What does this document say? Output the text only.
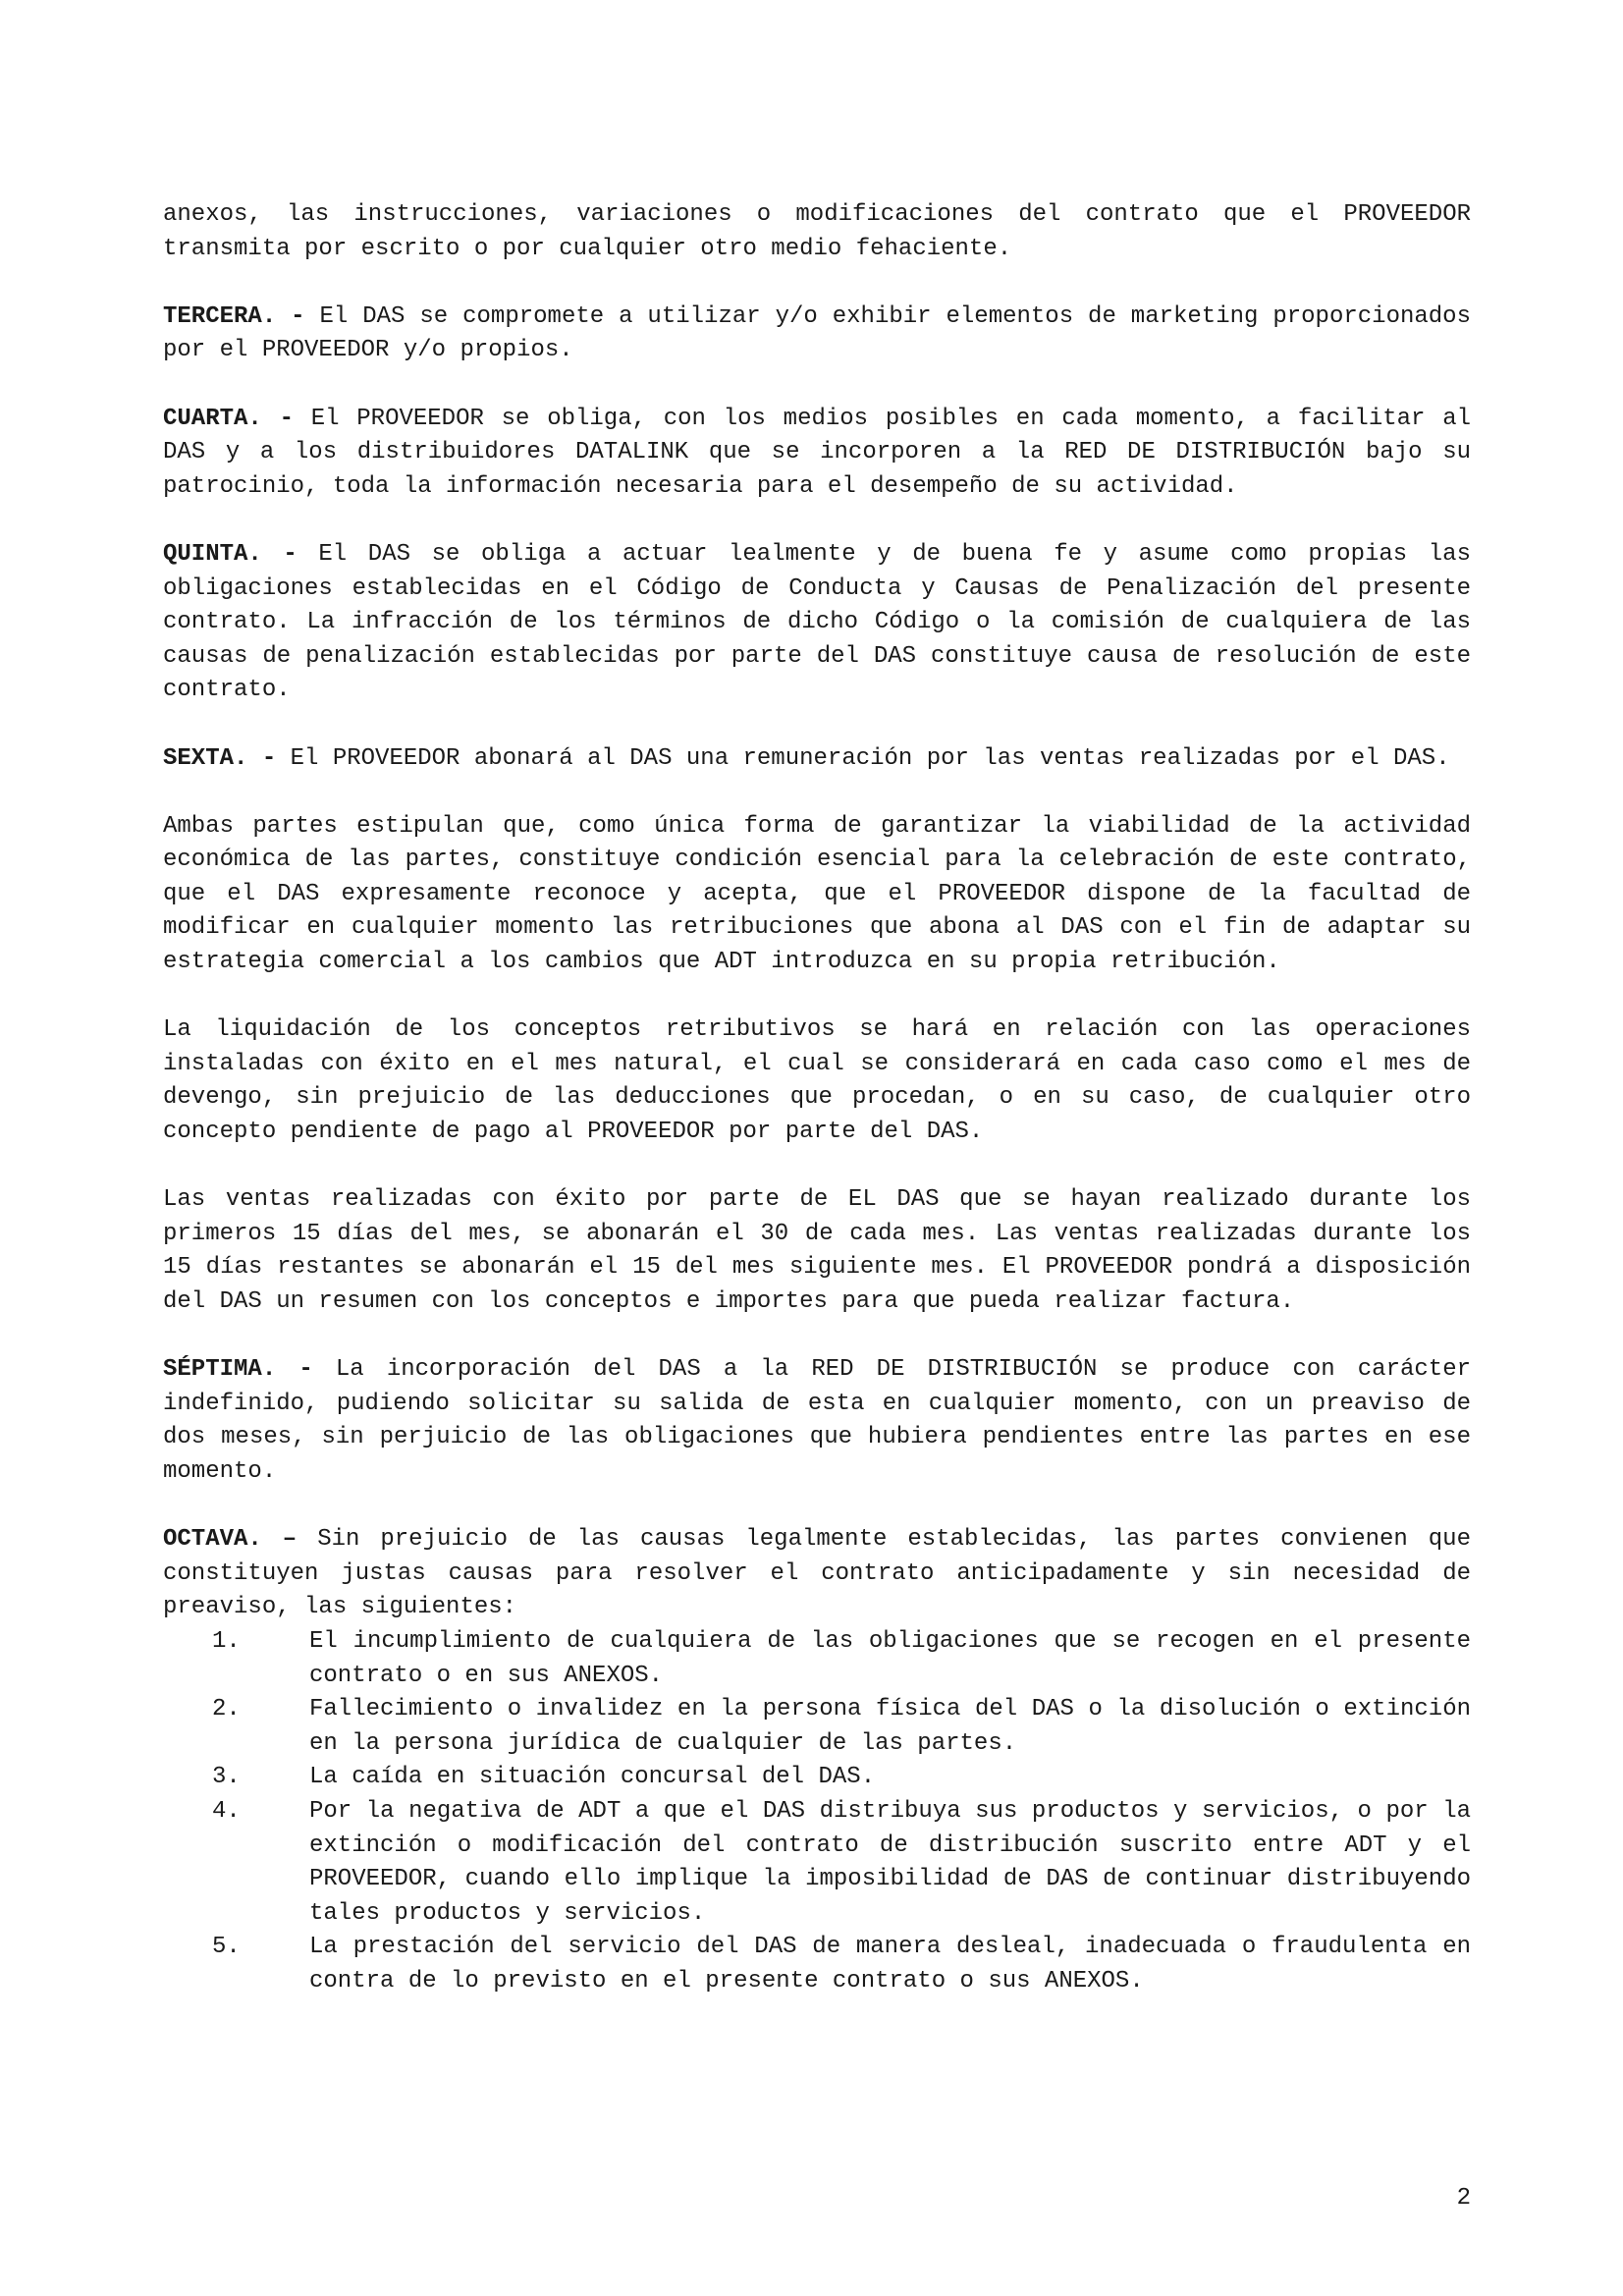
anexos, las instrucciones, variaciones o modificaciones del contrato que el PROVEEDOR transmita por escrito o por cualquier otro medio fehaciente.

TERCERA. - El DAS se compromete a utilizar y/o exhibir elementos de marketing proporcionados por el PROVEEDOR y/o propios.

CUARTA. - El PROVEEDOR se obliga, con los medios posibles en cada momento, a facilitar al DAS y a los distribuidores DATALINK que se incorporen a la RED DE DISTRIBUCIÓN bajo su patrocinio, toda la información necesaria para el desempeño de su actividad.

QUINTA. - El DAS se obliga a actuar lealmente y de buena fe y asume como propias las obligaciones establecidas en el Código de Conducta y Causas de Penalización del presente contrato. La infracción de los términos de dicho Código o la comisión de cualquiera de las causas de penalización establecidas por parte del DAS constituye causa de resolución de este contrato.

SEXTA. - El PROVEEDOR abonará al DAS una remuneración por las ventas realizadas por el DAS.

Ambas partes estipulan que, como única forma de garantizar la viabilidad de la actividad económica de las partes, constituye condición esencial para la celebración de este contrato, que el DAS expresamente reconoce y acepta, que el PROVEEDOR dispone de la facultad de modificar en cualquier momento las retribuciones que abona al DAS con el fin de adaptar su estrategia comercial a los cambios que ADT introduzca en su propia retribución.

La liquidación de los conceptos retributivos se hará en relación con las operaciones instaladas con éxito en el mes natural, el cual se considerará en cada caso como el mes de devengo, sin prejuicio de las deducciones que procedan, o en su caso, de cualquier otro concepto pendiente de pago al PROVEEDOR por parte del DAS.

Las ventas realizadas con éxito por parte de EL DAS que se hayan realizado durante los primeros 15 días del mes, se abonarán el 30 de cada mes. Las ventas realizadas durante los 15 días restantes se abonarán el 15 del mes siguiente mes. El PROVEEDOR pondrá a disposición del DAS un resumen con los conceptos e importes para que pueda realizar factura.

SÉPTIMA. - La incorporación del DAS a la RED DE DISTRIBUCIÓN se produce con carácter indefinido, pudiendo solicitar su salida de esta en cualquier momento, con un preaviso de dos meses, sin perjuicio de las obligaciones que hubiera pendientes entre las partes en ese momento.

OCTAVA. – Sin prejuicio de las causas legalmente establecidas, las partes convienen que constituyen justas causas para resolver el contrato anticipadamente y sin necesidad de preaviso, las siguientes:

1.	El incumplimiento de cualquiera de las obligaciones que se recogen en el presente contrato o en sus ANEXOS.
2.	Fallecimiento o invalidez en la persona física del DAS o la disolución o extinción en la persona jurídica de cualquier de las partes.
3.	La caída en situación concursal del DAS.
4.	Por la negativa de ADT a que el DAS distribuya sus productos y servicios, o por la extinción o modificación del contrato de distribución suscrito entre ADT y el PROVEEDOR, cuando ello implique la imposibilidad de DAS de continuar distribuyendo tales productos y servicios.
5.	La prestación del servicio del DAS de manera desleal, inadecuada o fraudulenta en contra de lo previsto en el presente contrato o sus ANEXOS.
2
